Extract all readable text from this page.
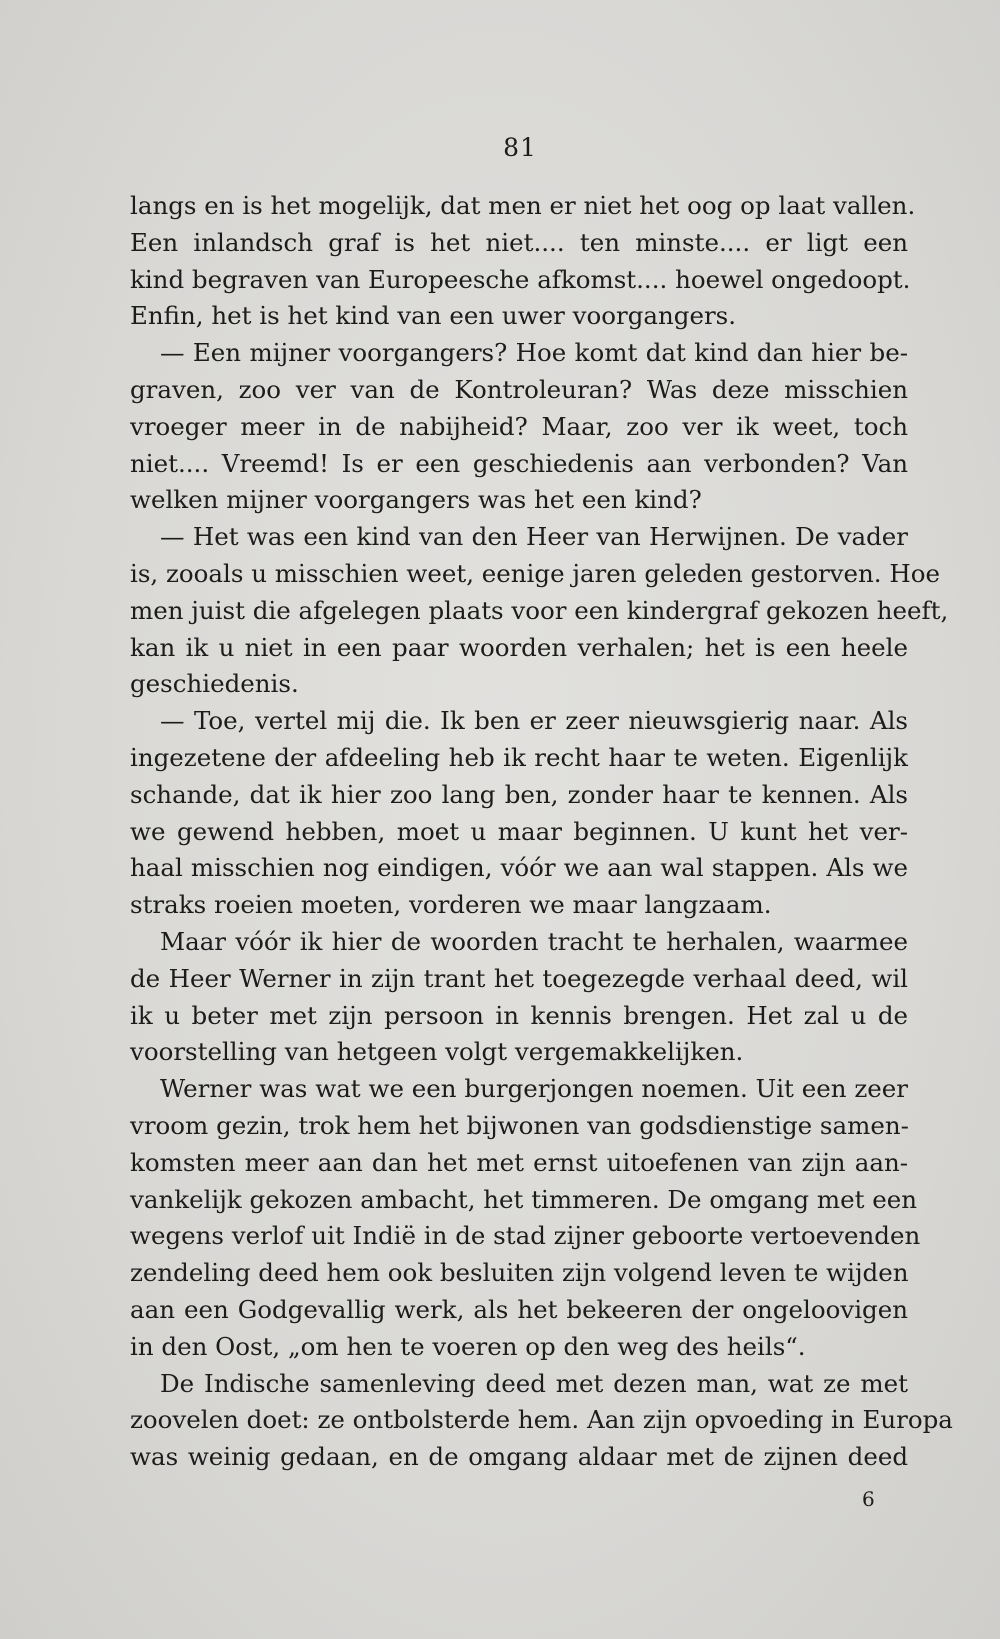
81
langs en is het mogelijk, dat men er niet het oog op laat vallen.
Een inlandsch graf is het niet.... ten minste.... er ligt een
kind begraven van Europeesche afkomst.... hoewel ongedoopt.
Enfin, het is het kind van een uwer voorgangers.
— Een mijner voorgangers? Hoe komt dat kind dan hier be-
graven, zoo ver van de Kontroleuran? Was deze misschien
vroeger meer in de nabijheid? Maar, zoo ver ik weet, toch
niet.... Vreemd! Is er een geschiedenis aan verbonden? Van
welken mijner voorgangers was het een kind?
— Het was een kind van den Heer van Herwijnen. De vader
is, zooals u misschien weet, eenige jaren geleden gestorven. Hoe
men juist die afgelegen plaats voor een kindergraf gekozen heeft,
kan ik u niet in een paar woorden verhalen; het is een heele
geschiedenis.
— Toe, vertel mij die. Ik ben er zeer nieuwsgierig naar. Als
ingezetene der afdeeling heb ik recht haar te weten. Eigenlijk
schande, dat ik hier zoo lang ben, zonder haar te kennen. Als
we gewend hebben, moet u maar beginnen. U kunt het ver-
haal misschien nog eindigen, vóór we aan wal stappen. Als we
straks roeien moeten, vorderen we maar langzaam.
Maar vóór ik hier de woorden tracht te herhalen, waarmee
de Heer Werner in zijn trant het toegezegde verhaal deed, wil
ik u beter met zijn persoon in kennis brengen. Het zal u de
voorstelling van hetgeen volgt vergemakkelijken.
Werner was wat we een burgerjongen noemen. Uit een zeer
vroom gezin, trok hem het bijwonen van godsdienstige samen-
komsten meer aan dan het met ernst uitoefenen van zijn aan-
vankelijk gekozen ambacht, het timmeren. De omgang met een
wegens verlof uit Indië in de stad zijner geboorte vertoevenden
zendeling deed hem ook besluiten zijn volgend leven te wijden
aan een Godgevallig werk, als het bekeeren der ongeloovigen
in den Oost, „om hen te voeren op den weg des heils“.
De Indische samenleving deed met dezen man, wat ze met
zoovelen doet: ze ontbolsterde hem. Aan zijn opvoeding in Europa
was weinig gedaan, en de omgang aldaar met de zijnen deed
6
